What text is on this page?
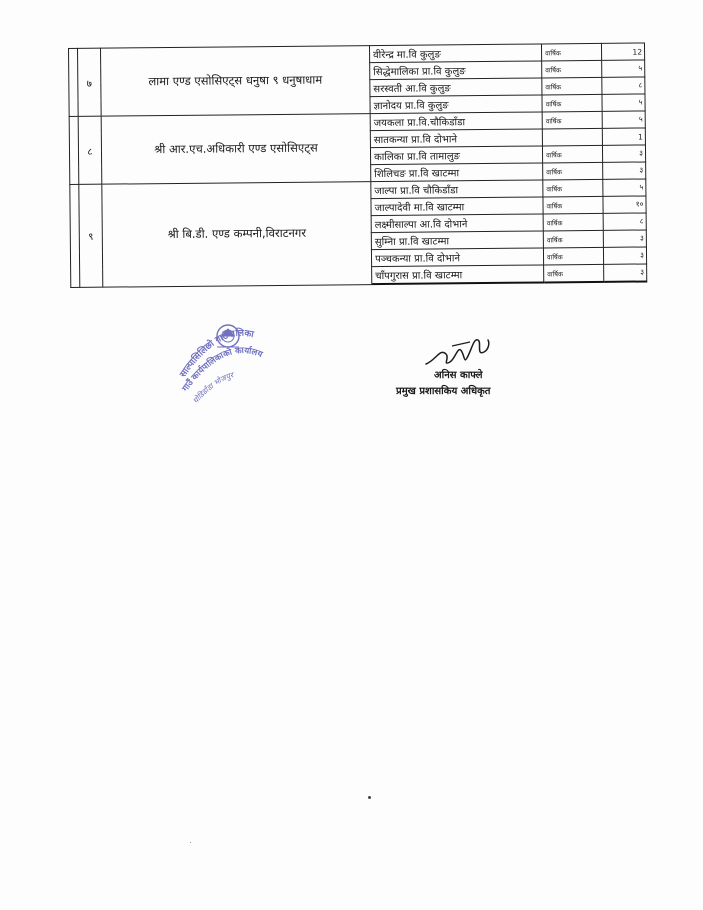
	७	लामा एण्ड एसोसिएट्स धनुषा ९ धनुषाधाम	वीरेन्द्र मा.वि कुलुङ	वार्षिक	12
			सिद्धेमालिका प्रा.वि कुलुङ	वार्षिक	५
			सरस्वती आ.वि कुलुङ	वार्षिक	८
			ज्ञानोदय प्रा.वि कुलुङ	वार्षिक	५
	८	श्री आर.एच.अधिकारी एण्ड एसोसिएट्स	जयकला प्रा.वि.चौकिडाँडा	वार्षिक	५
			सातकन्या प्रा.वि दोभाने		1
			कालिका प्रा.वि तामालुङ	वार्षिक	३
			शिलिचङ प्रा.वि खाटम्मा	वार्षिक	३
	९	श्री बि.डी. एण्ड कम्पनी,विराटनगर	जाल्पा प्रा.वि चौकिडाँडा	वार्षिक	५
			जाल्पादेवी मा.वि खाटम्मा	वार्षिक	१०
			लक्ष्मीसाल्पा आ.वि दोभाने	वार्षिक	८
			सुम्निा प्रा.वि खाटम्मा	वार्षिक	३
			पञ्चकन्या प्रा.वि दोभाने	वार्षिक	३
			चाँपगुरास प्रा.वि खाटम्मा	वार्षिक	३
साल्पासिलिछो गाउँपालिका
गाउँ कार्यपालिकाको कार्यालय
घोडिडाँडा भोजपुर	अनिस काफ्ले
प्रमुख प्रशासकिय अधिकृत
